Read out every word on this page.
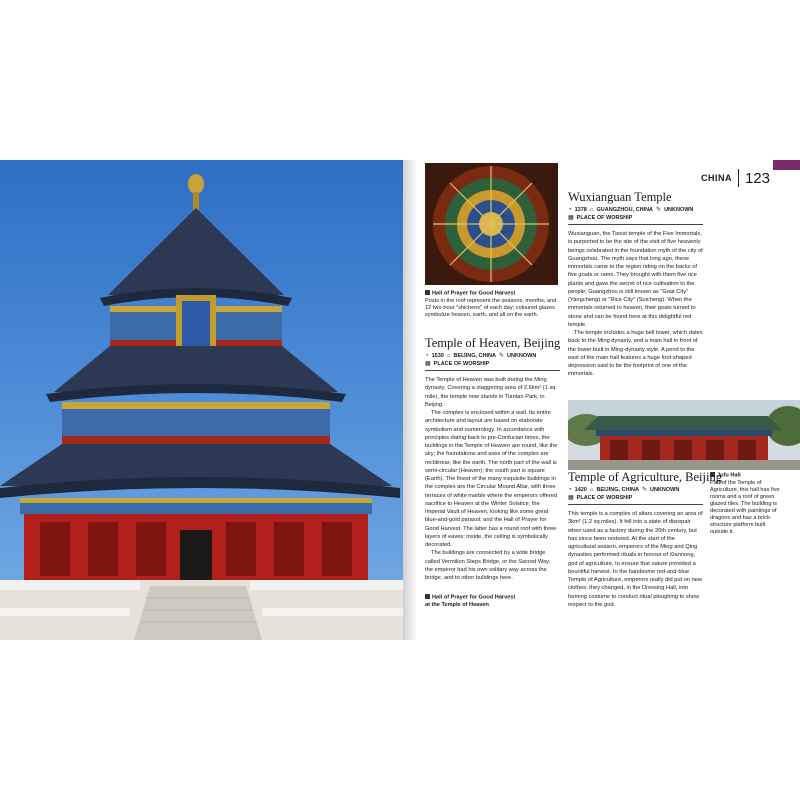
CHINA 123
Hall of Prayer for Good Harvest
Posts in the roof represent the seasons, months, and 12 two-hour "shichens" of each day; coloured glazes symbolize heaven, earth, and all on the earth.
Temple of Heaven, Beijing
◔ 1530 ⌂ BEIJING, CHINA ✎ UNKNOWN
▦ PLACE OF WORSHIP

The Temple of Heaven was built during the Ming dynasty. Covering a staggering area of 2.6km² (1 sq mile), the temple now stands in Tiantan Park, in Beijing.

The complex is enclosed within a wall. Its entire architecture and layout are based on elaborate symbolism and numerology. In accordance with principles dating back to pre-Confucian times, the buildings in the Temple of Heaven are round, like the sky; the foundations and axes of the complex are rectilinear, like the earth. The north part of the wall is semi-circular (Heaven); the south part is square (Earth). The finest of the many exquisite buildings in the complex are the Circular Mound Altar, with three terraces of white marble where the emperors offered sacrifice to Heaven at the Winter Solstice; the Imperial Vault of Heaven, looking like some great blue-and-gold parasol; and the Hall of Prayer for Good Harvest. The latter has a round roof with three layers of eaves; inside, the ceiling is symbolically decorated.

The buildings are connected by a wide bridge called Vermilion Steps Bridge, or the Sacred Way; the emperor had his own solitary way across the bridge, and to other buildings here.

Hall of Prayer for Good Harvest
at the Temple of Heaven
Wuxianguan Temple
◔ 1378 ⌂ GUANGZHOU, CHINA ✎ UNKNOWN
▦ PLACE OF WORSHIP

Wuxianguan, the Taoist temple of the Five Immortals, is purported to be the site of the visit of five heavenly beings celebrated in the foundation myth of the city of Guangzhou. The myth says that long ago, these immortals came to the region riding on the backs of five goats or rams. They brought with them five rice plants and gave the secret of rice cultivation to the people; Guangzhou is still known as "Goat City" (Yangcheng) or "Rice City" (Suicheng). When the immortals returned to heaven, their goats turned to stone and can be found here at this delightful red temple.

The temple includes a huge bell tower, which dates back to the Ming dynasty, and a main hall in front of the tower built in Ming-dynasty style. A pond to the east of the main hall features a huge foot-shaped depression said to be the footprint of one of the immortals.

Jufu Hall
Part of the Temple of Agriculture, this hall has five rooms and a roof of green glazed tiles. The building is decorated with paintings of dragons and has a brick-structure platform built outside it.
Temple of Agriculture, Beijing
◔ 1420 ⌂ BEIJING, CHINA ✎ UNKNOWN
▦ PLACE OF WORSHIP

This temple is a complex of altars covering an area of 3km² (1.2 sq miles). It fell into a state of disrepair when used as a factory during the 20th century, but has since been restored. At the start of the agricultural season, emperors of the Ming and Qing dynasties performed rituals in honour of Xiannong, god of agriculture, to ensure that nature provided a bountiful harvest. In the handsome red-and-blue Temple of Agriculture, emperors really did put on new clothes: they changed, in the Dressing Hall, into farming costume to conduct ritual ploughing to show respect to the god.
